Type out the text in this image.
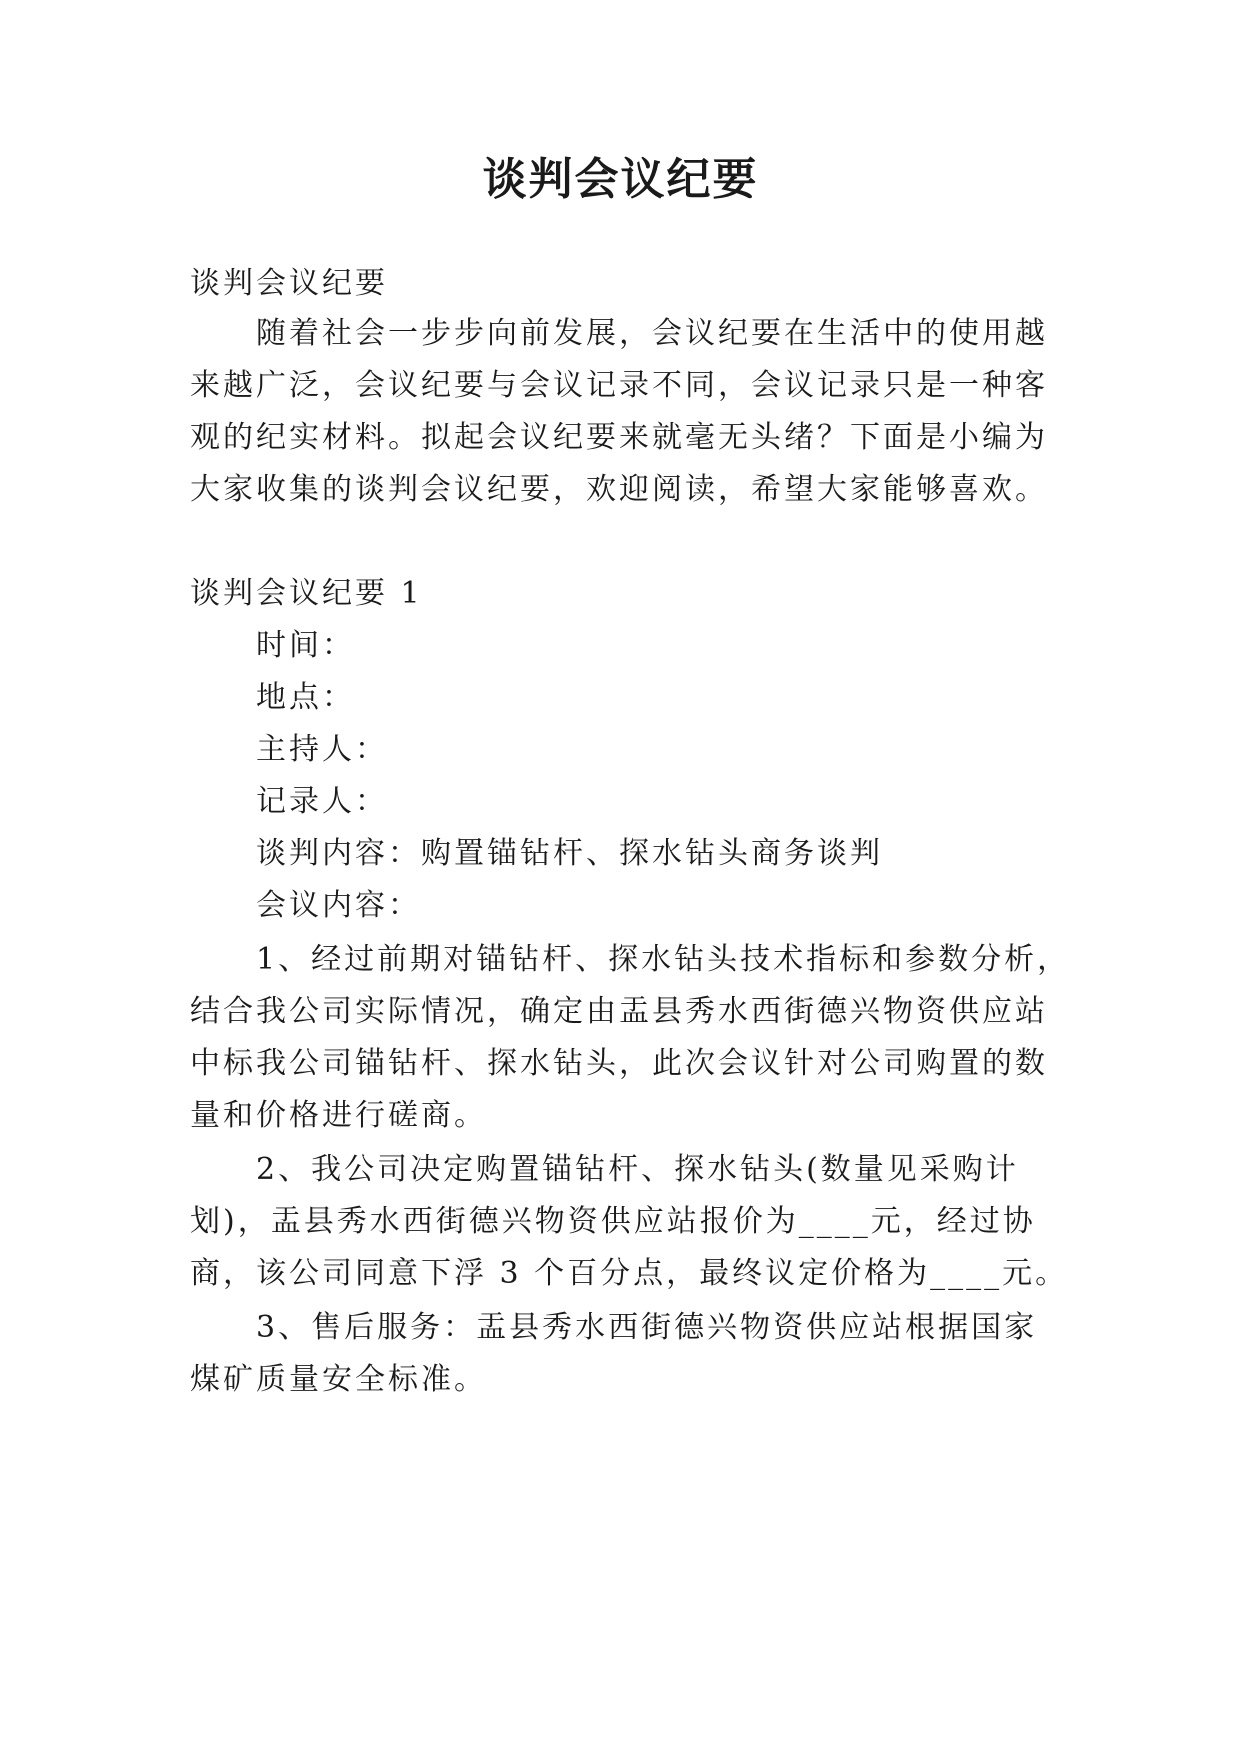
谈判会议纪要

谈判会议纪要

随着社会一步步向前发展，会议纪要在生活中的使用越

来越广泛，会议纪要与会议记录不同，会议记录只是一种客

观的纪实材料。拟起会议纪要来就毫无头绪？下面是小编为

大家收集的谈判会议纪要，欢迎阅读，希望大家能够喜欢。

谈判会议纪要 1

时间：

地点：

主持人：

记录人：

谈判内容：购置锚钻杆、探水钻头商务谈判

会议内容：

1、经过前期对锚钻杆、探水钻头技术指标和参数分析，

结合我公司实际情况，确定由盂县秀水西街德兴物资供应站

中标我公司锚钻杆、探水钻头，此次会议针对公司购置的数

量和价格进行磋商。

2、我公司决定购置锚钻杆、探水钻头(数量见采购计

划)，盂县秀水西街德兴物资供应站报价为____元，经过协

商，该公司同意下浮 3 个百分点，最终议定价格为____元。

3、售后服务：盂县秀水西街德兴物资供应站根据国家

煤矿质量安全标准。
